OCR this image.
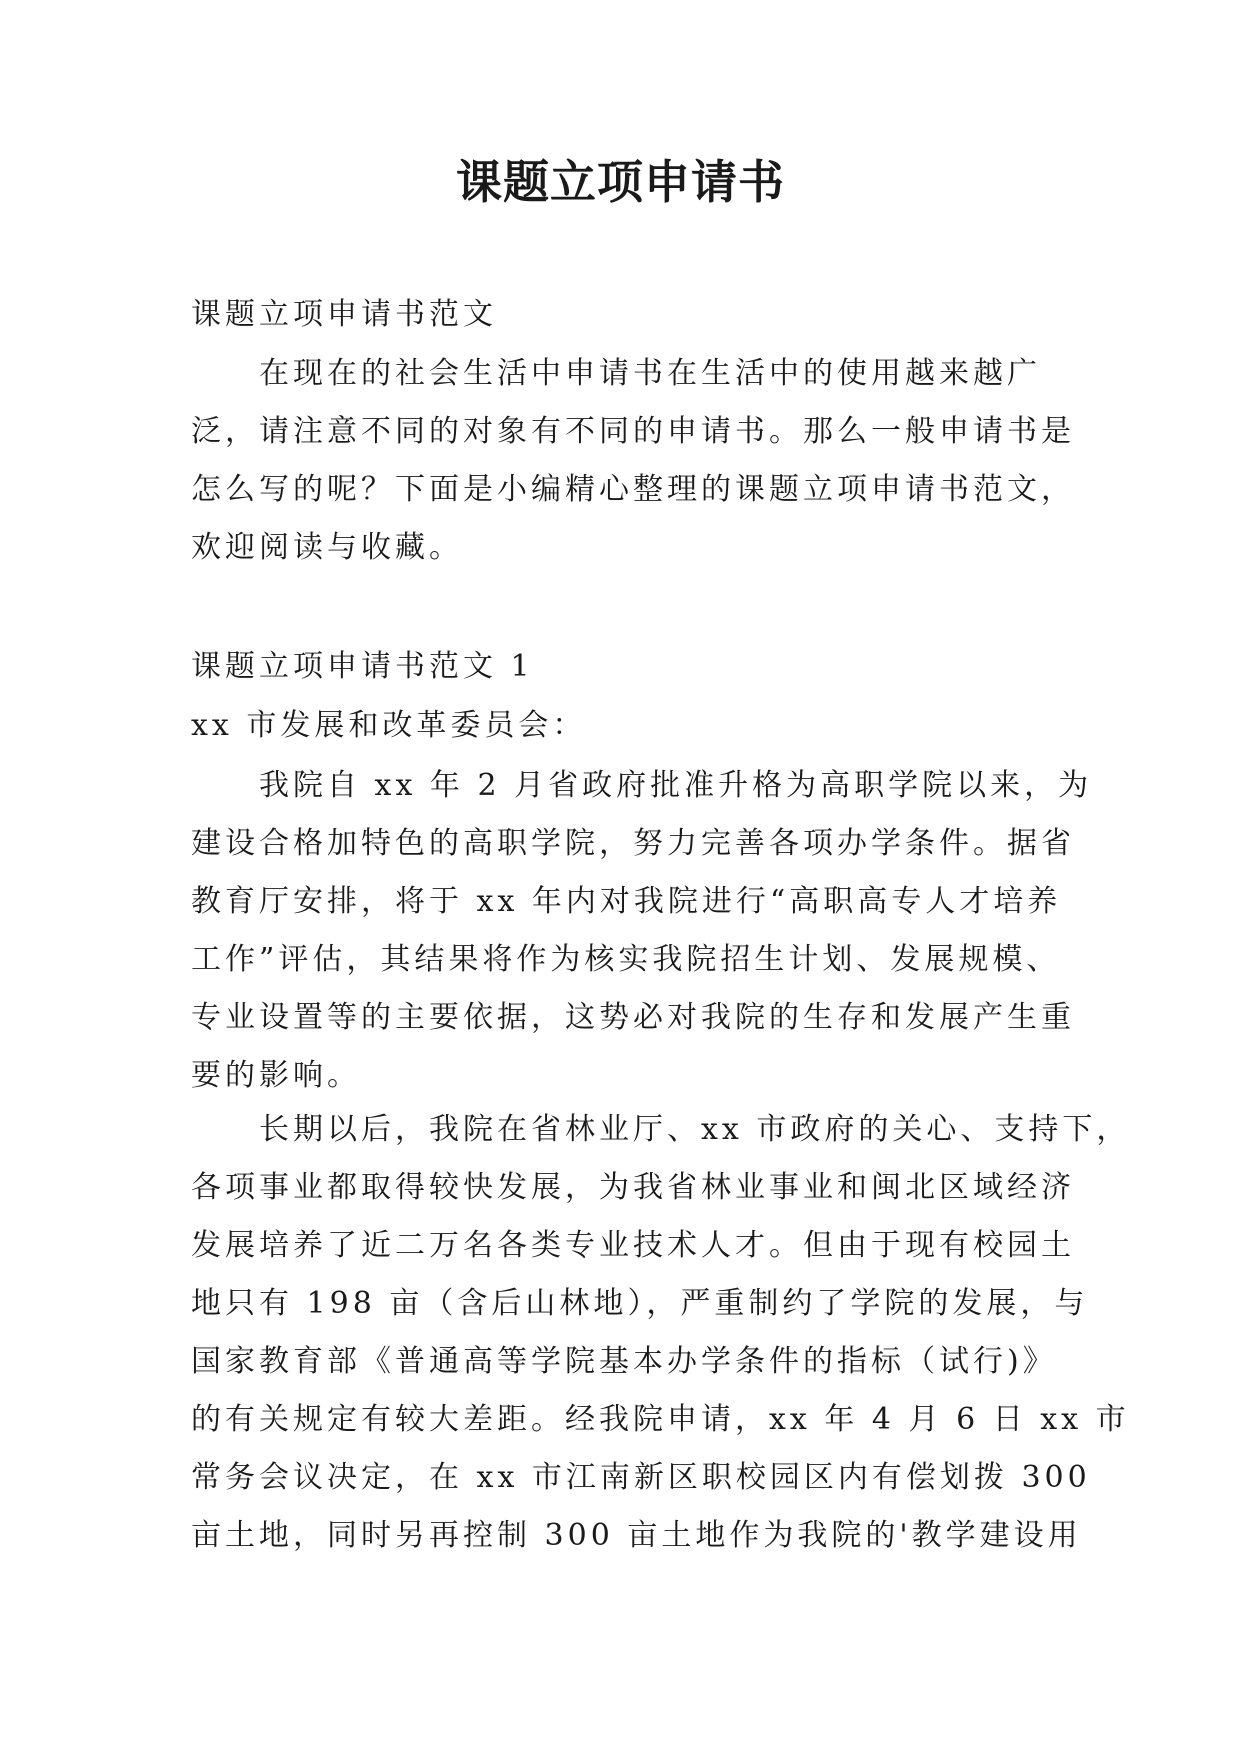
课题立项申请书
课题立项申请书范文
在现在的社会生活中申请书在生活中的使用越来越广
泛，请注意不同的对象有不同的申请书。那么一般申请书是
怎么写的呢？下面是小编精心整理的课题立项申请书范文，
欢迎阅读与收藏。
课题立项申请书范文 1
xx 市发展和改革委员会：
我院自 xx 年 2 月省政府批准升格为高职学院以来，为
建设合格加特色的高职学院，努力完善各项办学条件。据省
教育厅安排，将于 xx 年内对我院进行“高职高专人才培养
工作”评估，其结果将作为核实我院招生计划、发展规模、
专业设置等的主要依据，这势必对我院的生存和发展产生重
要的影响。
长期以后，我院在省林业厅、xx 市政府的关心、支持下，
各项事业都取得较快发展，为我省林业事业和闽北区域经济
发展培养了近二万名各类专业技术人才。但由于现有校园土
地只有 198 亩（含后山林地），严重制约了学院的发展，与
国家教育部《普通高等学院基本办学条件的指标（试行)》
的有关规定有较大差距。经我院申请，xx 年 4 月 6 日 xx 市
常务会议决定，在 xx 市江南新区职校园区内有偿划拨 300
亩土地，同时另再控制 300 亩土地作为我院的'教学建设用
